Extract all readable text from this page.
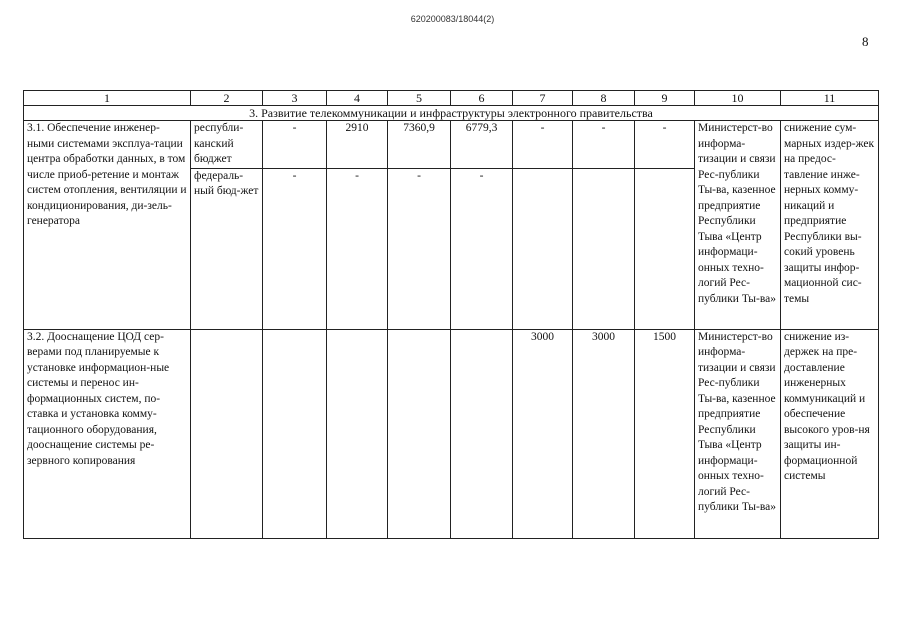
620200083/18044(2)
8
1	2	3	4	5	6	7	8	9	10	11
3. Развитие телекоммуникации и инфраструктуры электронного правительства										
3.1. Обеспечение инженер-ными системами эксплуа-тации центра обработки данных, в том числе приоб-ретение и монтаж систем отопления, вентиляции и кондиционирования, ди-зель-генератора	республи-канский бюджет	-	2910	7360,9	6779,3	-	-	-	Министерст-во информа-тизации и связи Рес-публики Ты-ва, казенное предприятие Республики Тыва «Центр информаци-онных техно-логий Рес-публики Ты-ва»	снижение сум-марных издер-жек на предос-тавление инже-нерных комму-никаций и предприятие Республики вы-сокий уровень защиты инфор-мационной сис-темы
	федераль-ный бюд-жет	-	-	-	-					
3.2. Дооснащение ЦОД сер-верами под планируемые к установке информацион-ные системы и перенос ин-формационных систем, по-ставка и установка комму-тационного оборудования, дооснащение системы ре-зервного копирования						3000	3000	1500	Министерст-во информа-тизации и связи Рес-публики Ты-ва, казенное предприятие Республики Тыва «Центр информаци-онных техно-логий Рес-публики Ты-ва»	снижение из-держек на пре-доставление инженерных коммуникаций и обеспечение высокого уров-ня защиты ин-формационной системы
